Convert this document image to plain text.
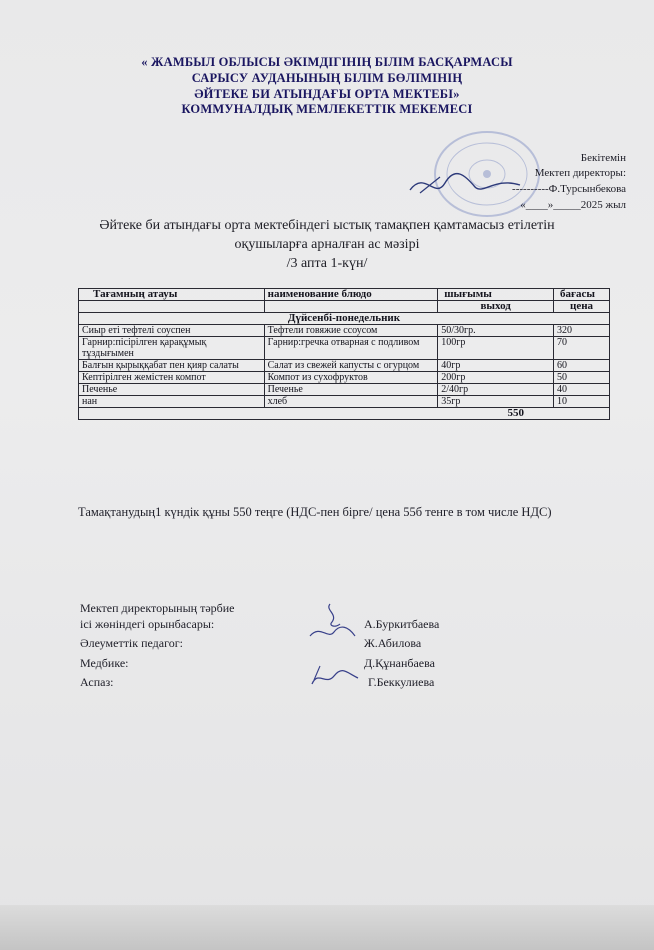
« ЖАМБЫЛ ОБЛЫСЫ ӘКІМДІГІНІҢ БІЛІМ БАСҚАРМАСЫ
САРЫСУ АУДАНЫНЫҢ БІЛІМ БӨЛІМІНІҢ
ӘЙТЕКЕ БИ АТЫНДАҒЫ ОРТА МЕКТЕБІ»
КОММУНАЛДЫҚ МЕМЛЕКЕТТІК МЕКЕМЕСІ
Бекітемін
Мектеп директоры:
----------Ф.Турсынбекова
«____»_____2025 жыл
Әйтеке би атындағы орта мектебіндегі ыстық тамақпен қамтамасыз етілетін
оқушыларға арналған ас мәзірі
/3 апта 1-күн/
Тағамның атауы	наименование блюдо	шығымы	бағасы
		выход	цена
Дүйсенбі-понедельник			
Сиыр еті тефтелі соуспен	Тефтели говяжие ссоусом	50/30гр.	320
Гарнир:пісірілген қарақұмық тұздығымен	Гарнир:гречка отварная с подливом	100гр	70
Балғын қырыққабат пен қияр салаты	Салат из свежей капусты с огурцом	40гр	60
Кептірілген жемістен компот	Компот из сухофруктов	200гр	50
Печенье	Печенье	2/40гр	40
нан	хлеб	35гр	10
550			
Тамақтанудың1 күндік құны 550 теңге (НДС-пен бірге/ цена 55б тенге в том числе НДС)
Мектеп директорының тәрбие
ісі жөніндегі орынбасары:	А.Буркитбаева
Әлеуметтік педагог:	Ж.Абилова
Медбике:	Д.Құнанбаева
Аспаз:	Г.Беккулиева
